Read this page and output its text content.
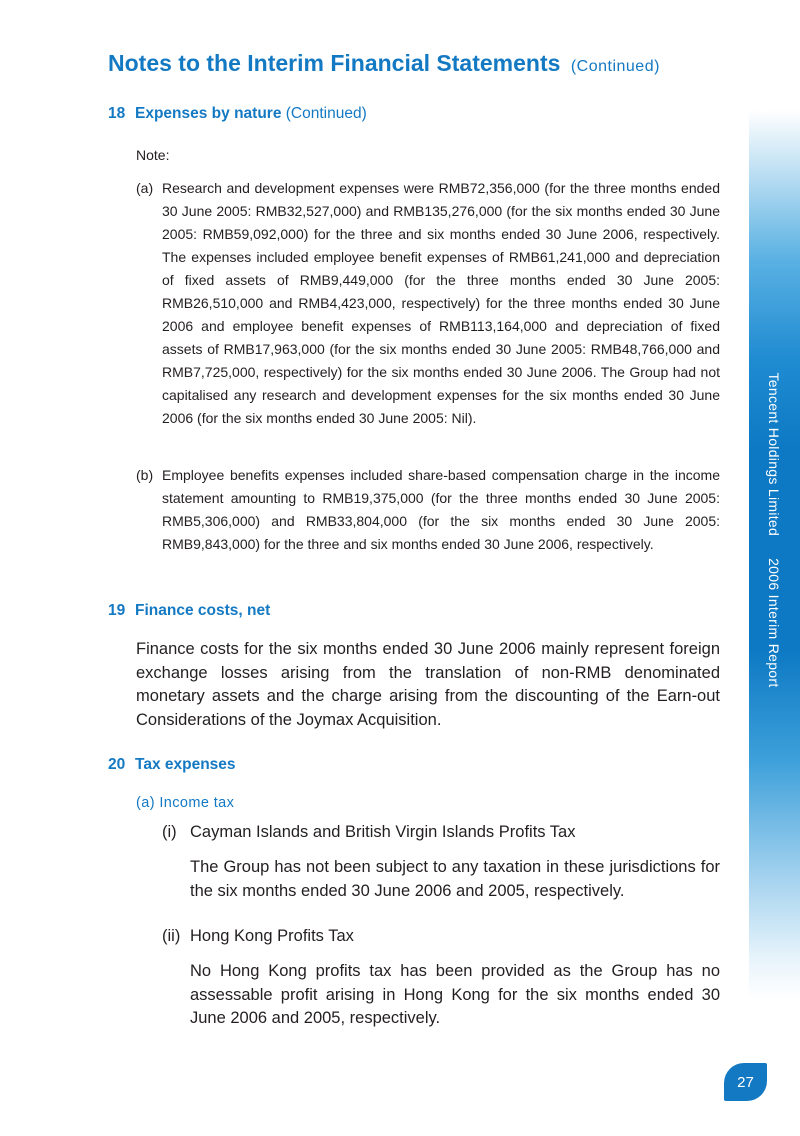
Tencent Holdings Limited2006 Interim Report
Notes to the Interim Financial Statements (Continued)
18 Expenses by nature (Continued)
Note:
(a) Research and development expenses were RMB72,356,000 (for the three months ended 30 June 2005: RMB32,527,000) and RMB135,276,000 (for the six months ended 30 June 2005: RMB59,092,000) for the three and six months ended 30 June 2006, respectively. The expenses included employee benefit expenses of RMB61,241,000 and depreciation of fixed assets of RMB9,449,000 (for the three months ended 30 June 2005: RMB26,510,000 and RMB4,423,000, respectively) for the three months ended 30 June 2006 and employee benefit expenses of RMB113,164,000 and depreciation of fixed assets of RMB17,963,000 (for the six months ended 30 June 2005: RMB48,766,000 and RMB7,725,000, respectively) for the six months ended 30 June 2006. The Group had not capitalised any research and development expenses for the six months ended 30 June 2006 (for the six months ended 30 June 2005: Nil).
(b) Employee benefits expenses included share-based compensation charge in the income statement amounting to RMB19,375,000 (for the three months ended 30 June 2005: RMB5,306,000) and RMB33,804,000 (for the six months ended 30 June 2005: RMB9,843,000) for the three and six months ended 30 June 2006, respectively.
19 Finance costs, net
Finance costs for the six months ended 30 June 2006 mainly represent foreign exchange losses arising from the translation of non-RMB denominated monetary assets and the charge arising from the discounting of the Earn-out Considerations of the Joymax Acquisition.
20 Tax expenses
(a) Income tax
(i) Cayman Islands and British Virgin Islands Profits Tax
The Group has not been subject to any taxation in these jurisdictions for the six months ended 30 June 2006 and 2005, respectively.
(ii) Hong Kong Profits Tax
No Hong Kong profits tax has been provided as the Group has no assessable profit arising in Hong Kong for the six months ended 30 June 2006 and 2005, respectively.
27
